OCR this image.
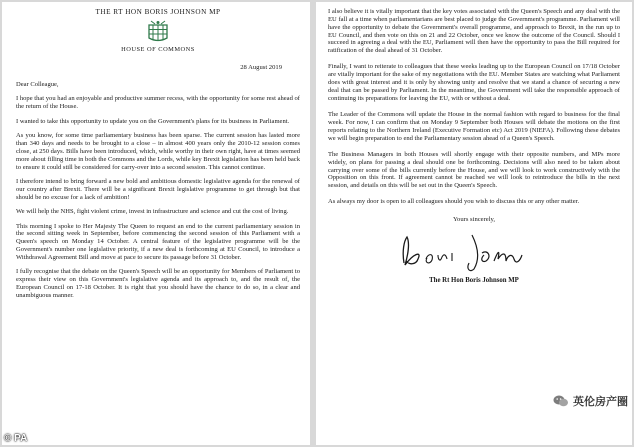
THE RT HON BORIS JOHNSON MP

HOUSE OF COMMONS

28 August 2019

Dear Colleague,

I hope that you had an enjoyable and productive summer recess, with the opportunity for some rest ahead of the return of the House.

I wanted to take this opportunity to update you on the Government's plans for its business in Parliament.

As you know, for some time parliamentary business has been sparse. The current session has lasted more than 340 days and needs to be brought to a close – in almost 400 years only the 2010-12 session comes close, at 250 days. Bills have been introduced, which, while worthy in their own right, have at times seemed more about filling time in both the Commons and the Lords, while key Brexit legislation has been held back to ensure it could still be considered for carry-over into a second session. This cannot continue.

I therefore intend to bring forward a new bold and ambitious domestic legislative agenda for the renewal of our country after Brexit. There will be a significant Brexit legislative programme to get through but that should be no excuse for a lack of ambition!

We will help the NHS, fight violent crime, invest in infrastructure and science and cut the cost of living.

This morning I spoke to Her Majesty The Queen to request an end to the current parliamentary session in the second sitting week in September, before commencing the second session of this Parliament with a Queen's speech on Monday 14 October. A central feature of the legislative programme will be the Government's number one legislative priority, if a new deal is forthcoming at EU Council, to introduce a Withdrawal Agreement Bill and move at pace to secure its passage before 31 October.

I fully recognise that the debate on the Queen's Speech will be an opportunity for Members of Parliament to express their view on this Government's legislative agenda and its approach to, and the result of, the European Council on 17-18 October. It is right that you should have the chance to do so, in a clear and unambiguous manner.

I also believe it is vitally important that the key votes associated with the Queen's Speech and any deal with the EU fall at a time when parliamentarians are best placed to judge the Government's programme. Parliament will have the opportunity to debate the Government's overall programme, and approach to Brexit, in the run up to EU Council, and then vote on this on 21 and 22 October, once we know the outcome of the Council. Should I succeed in agreeing a deal with the EU, Parliament will then have the opportunity to pass the Bill required for ratification of the deal ahead of 31 October.

Finally, I want to reiterate to colleagues that these weeks leading up to the European Council on 17/18 October are vitally important for the sake of my negotiations with the EU. Member States are watching what Parliament does with great interest and it is only by showing unity and resolve that we stand a chance of securing a new deal that can be passed by Parliament. In the meantime, the Government will take the responsible approach of continuing its preparations for leaving the EU, with or without a deal.

The Leader of the Commons will update the House in the normal fashion with regard to business for the final week. For now, I can confirm that on Monday 9 September both Houses will debate the motions on the first reports relating to the Northern Ireland (Executive Formation etc) Act 2019 (NIEFA). Following these debates we will begin preparation to end the Parliamentary session ahead of a Queen's Speech.

The Business Managers in both Houses will shortly engage with their opposite numbers, and MPs more widely, on plans for passing a deal should one be forthcoming. Decisions will also need to be taken about carrying over some of the bills currently before the House, and we will look to work constructively with the Opposition on this front. If agreement cannot be reached we will look to reintroduce the bills in the next session, and details on this will be set out in the Queen's Speech.

As always my door is open to all colleagues should you wish to discuss this or any other matter.

Yours sincerely,

The Rt Hon Boris Johnson MP

英伦房产圈
© PA
